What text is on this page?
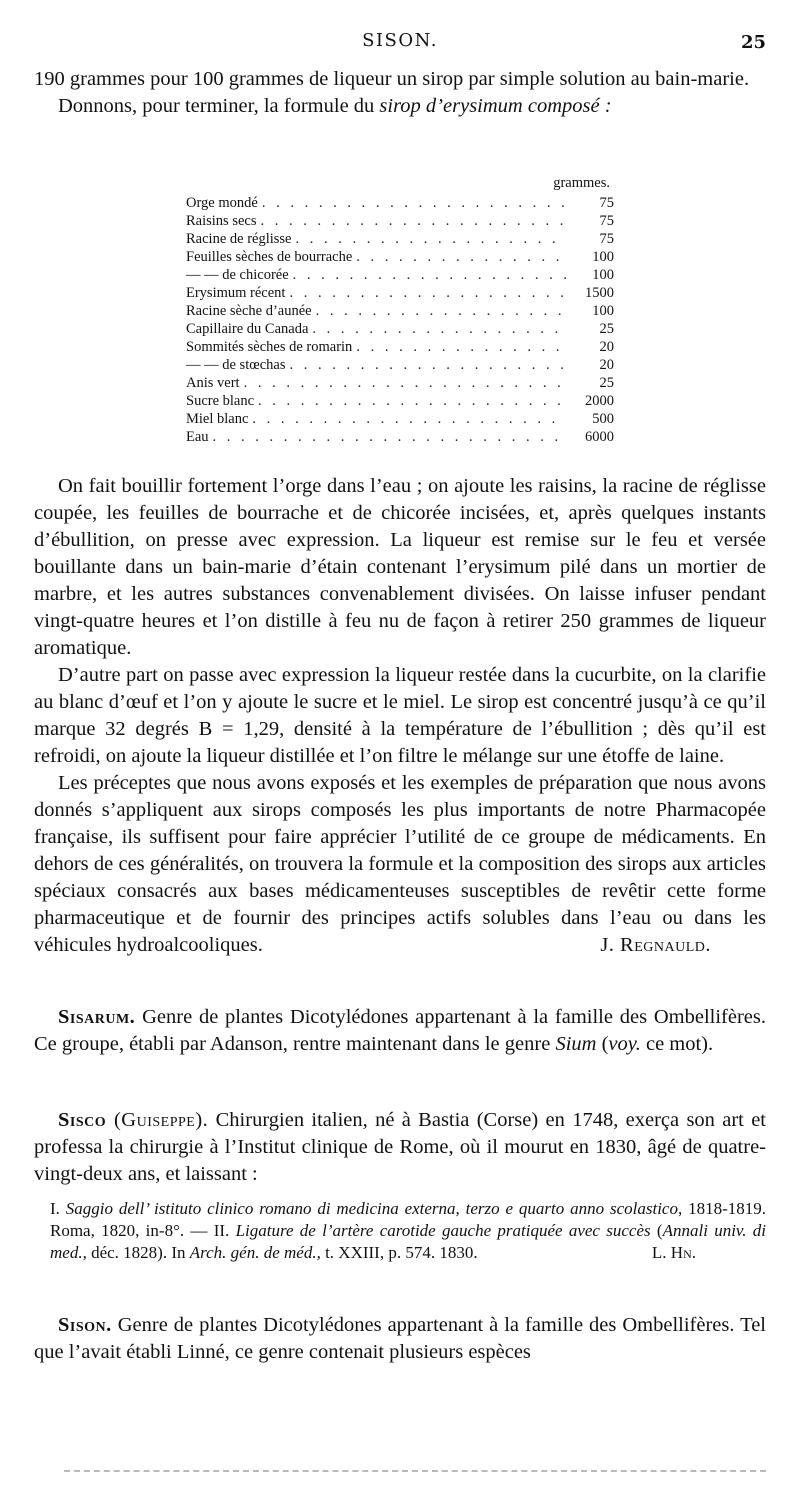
SISON.	25

190 grammes pour 100 grammes de liqueur un sirop par simple solution au bain-marie.

Donnons, pour terminer, la formule du sirop d’erysimum composé :

grammes.
Orge mondé . . .	75
Raisins secs . . .	75
Racine de réglisse . . .	75
Feuilles sèches de bourrache . . .	100
— — de chicorée . . .	100
Erysimum récent . . .	1500
Racine sèche d’aunée . . .	100
Capillaire du Canada . . .	25
Sommités sèches de romarin . . .	20
— — de stœchas . . .	20
Anis vert . . .	25
Sucre blanc . . .	2000
Miel blanc . . .	500
Eau . . .	6000

On fait bouillir fortement l’orge dans l’eau ; on ajoute les raisins, la racine de réglisse coupée, les feuilles de bourrache et de chicorée incisées, et, après quelques instants d’ébullition, on presse avec expression. La liqueur est remise sur le feu et versée bouillante dans un bain-marie d’étain contenant l’erysimum pilé dans un mortier de marbre, et les autres substances convenablement divisées. On laisse infuser pendant vingt-quatre heures et l’on distille à feu nu de façon à retirer 250 grammes de liqueur aromatique.

D’autre part on passe avec expression la liqueur restée dans la cucurbite, on la clarifie au blanc d’œuf et l’on y ajoute le sucre et le miel. Le sirop est concentré jusqu’à ce qu’il marque 32 degrés B = 1,29, densité à la température de l’ébullition ; dès qu’il est refroidi, on ajoute la liqueur distillée et l’on filtre le mélange sur une étoffe de laine.

Les préceptes que nous avons exposés et les exemples de préparation que nous avons donnés s’appliquent aux sirops composés les plus importants de notre Pharmacopée française, ils suffisent pour faire apprécier l’utilité de ce groupe de médicaments. En dehors de ces généralités, on trouvera la formule et la composition des sirops aux articles spéciaux consacrés aux bases médicamenteuses susceptibles de revêtir cette forme pharmaceutique et de fournir des principes actifs solubles dans l’eau ou dans les véhicules hydroalcooliques.	J. Regnauld.

Sisarum. Genre de plantes Dicotylédones appartenant à la famille des Ombellifères. Ce groupe, établi par Adanson, rentre maintenant dans le genre Sium (voy. ce mot).

Sisco (Guiseppe). Chirurgien italien, né à Bastia (Corse) en 1748, exerça son art et professa la chirurgie à l’Institut clinique de Rome, où il mourut en 1830, âgé de quatre-vingt-deux ans, et laissant :

I. Saggio dell’ istituto clinico romano di medicina externa, terzo e quarto anno scolastico, 1818-1819. Roma, 1820, in-8°. — II. Ligature de l’artère carotide gauche pratiquée avec succès (Annali univ. di med., déc. 1828). In Arch. gén. de méd., t. XXIII, p. 574. 1830.	L. Hn.

Sison. Genre de plantes Dicotylédones appartenant à la famille des Ombellifères. Tel que l’avait établi Linné, ce genre contenait plusieurs espèces
